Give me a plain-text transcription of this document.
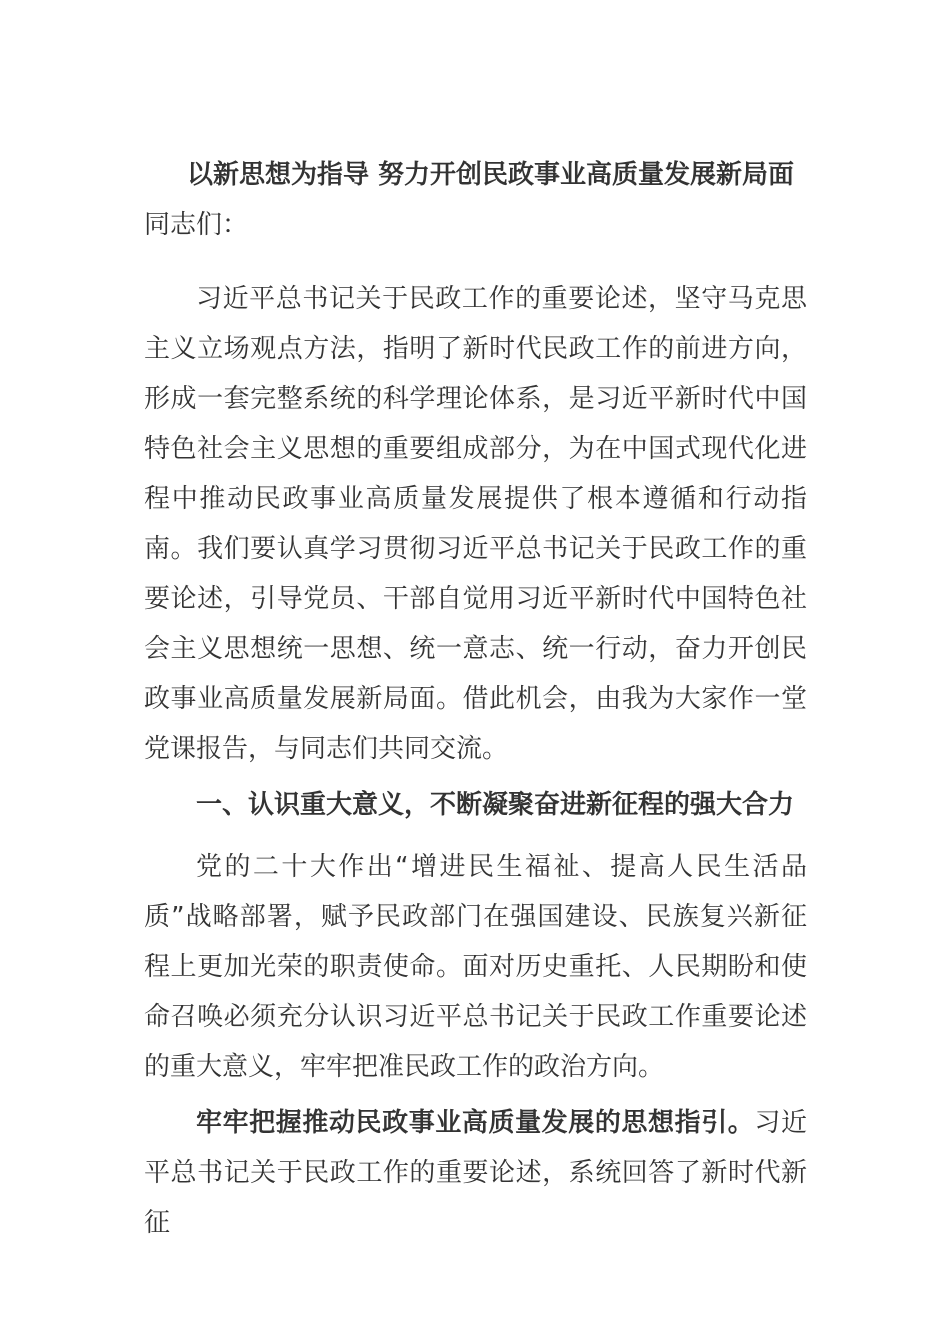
以新思想为指导 努力开创民政事业高质量发展新局面

同志们：

习近平总书记关于民政工作的重要论述，坚守马克思主义立场观点方法，指明了新时代民政工作的前进方向，形成一套完整系统的科学理论体系，是习近平新时代中国特色社会主义思想的重要组成部分，为在中国式现代化进程中推动民政事业高质量发展提供了根本遵循和行动指南。我们要认真学习贯彻习近平总书记关于民政工作的重要论述，引导党员、干部自觉用习近平新时代中国特色社会主义思想统一思想、统一意志、统一行动，奋力开创民政事业高质量发展新局面。借此机会，由我为大家作一堂党课报告，与同志们共同交流。

一、认识重大意义，不断凝聚奋进新征程的强大合力

党的二十大作出“增进民生福祉、提高人民生活品质”战略部署，赋予民政部门在强国建设、民族复兴新征程上更加光荣的职责使命。面对历史重托、人民期盼和使命召唤必须充分认识习近平总书记关于民政工作重要论述的重大意义，牢牢把准民政工作的政治方向。

牢牢把握推动民政事业高质量发展的思想指引。习近平总书记关于民政工作的重要论述，系统回答了新时代新征
